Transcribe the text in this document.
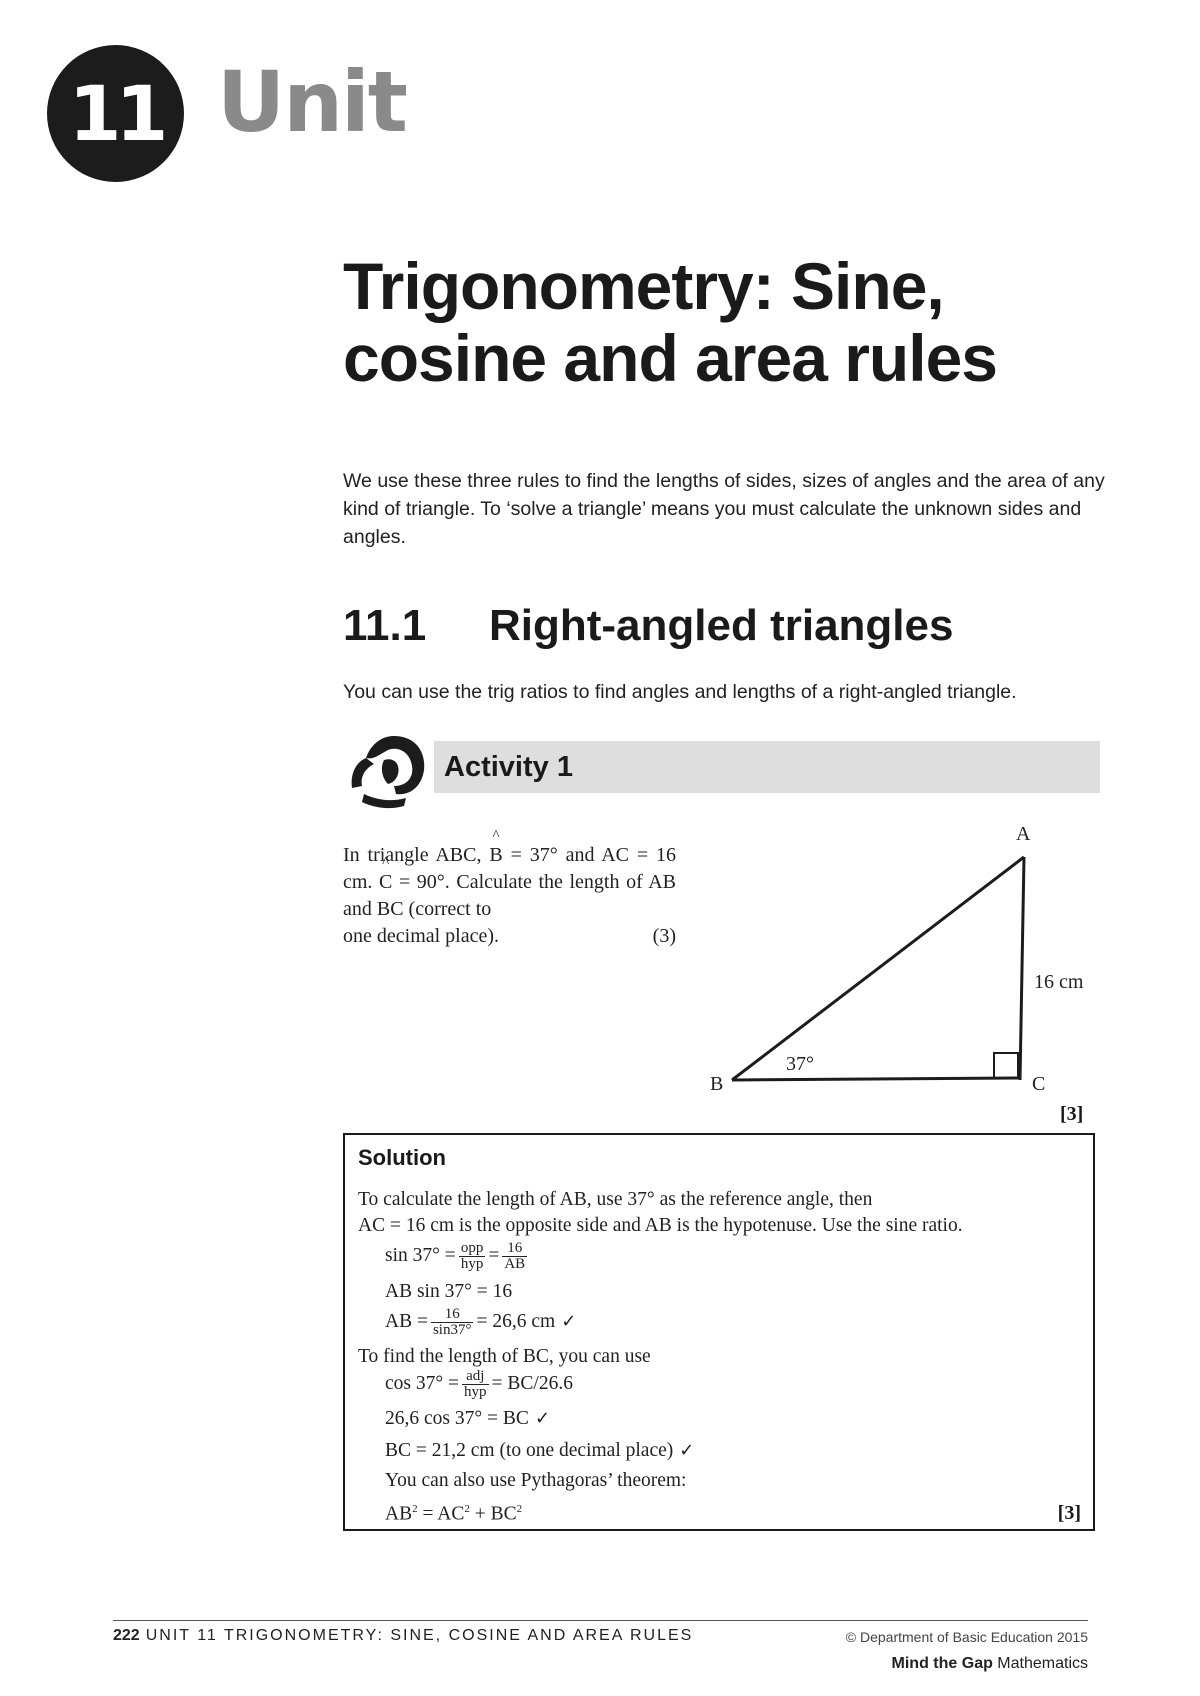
11 Unit
Trigonometry: Sine, cosine and area rules

We use these three rules to find the lengths of sides, sizes of angles and the area of any kind of triangle. To ‘solve a triangle’ means you must calculate the unknown sides and angles.

11.1 Right-angled triangles

You can use the trig ratios to find angles and lengths of a right-angled triangle.

Activity 1
In triangle ABC, ^ B = 37° and AC = 16 cm. ^ C = 90°. Calculate the length of AB and BC (correct to
one decimal place).	(3)
A
B	C
16 cm
37°
[3]
Solution
To calculate the length of AB, use 37° as the reference angle, then
AC = 16 cm is the opposite side and AB is the hypotenuse. Use the sine ratio.
$\sin 37^\circ = \frac{\text{opp}}{\text{hyp}} = \frac{16}{AB}$
AB sin 37° = 16
AB = $\frac{16}{\sin 37^\circ} = 26,6$ cm ✓
To find the length of BC, you can use
$\cos 37^\circ = \frac{\text{adj}}{\text{hyp}} = BC/26.6$
26,6 cos 37° = BC ✓
BC = 21,2 cm (to one decimal place) ✓
You can also use Pythagoras’ theorem:
$AB^2 = AC^2 + BC^2$	[3]
222 UNIT 11 TRIGONOMETRY: SINE, COSINE AND AREA RULES	© Department of Basic Education 2015
Mind the Gap Mathematics
